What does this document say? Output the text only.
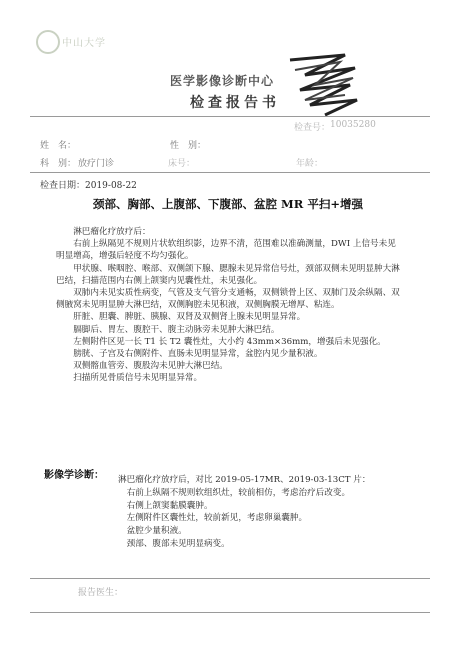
中山大学
医学影像诊断中心
检查报告书
检查号： 10035280
姓　名：	性　别：
科　别： 放疗门诊	床号：	年龄：
检查日期：2019-08-22
颈部、胸部、上腹部、下腹部、盆腔 MR 平扫+增强

淋巴瘤化疗放疗后：

右前上纵隔见不规则片状软组织影，边界不清，范围难以准确测量，DWI 上信号未见明显增高，增强后轻度不均匀强化。

甲状腺、喉咽腔、喉部、双侧颌下腺、腮腺未见异常信号灶，颈部双侧未见明显肿大淋巴结，扫描范围内右侧上颌窦内见囊性灶，未见强化。

双肺内未见实质性病变，气管及支气管分支通畅，双侧锁骨上区、双肺门及余纵隔、双侧腋窝未见明显肿大淋巴结，双侧胸腔未见积液，双侧胸膜无增厚、粘连。

肝脏、胆囊、脾脏、胰腺、双肾及双侧肾上腺未见明显异常。

膈脚后、胃左、腹腔干、腹主动脉旁未见肿大淋巴结。

左侧附件区见一长 T1 长 T2 囊性灶，大小约 43mm×36mm，增强后未见强化。

膀胱、子宫及右侧附件、直肠未见明显异常，盆腔内见少量积液。

双侧髂血管旁、腹股沟未见肿大淋巴结。

扫描所见骨质信号未见明显异常。

影像学诊断： 淋巴瘤化疗放疗后，对比 2019-05-17MR、2019-03-13CT 片：

右前上纵隔不规则软组织灶，较前相仿，考虑治疗后改变。

右侧上颌窦黏膜囊肿。

左侧附件区囊性灶，较前新见，考虑卵巢囊肿。

盆腔少量积液。

颈部、腹部未见明显病变。

报告医生：
